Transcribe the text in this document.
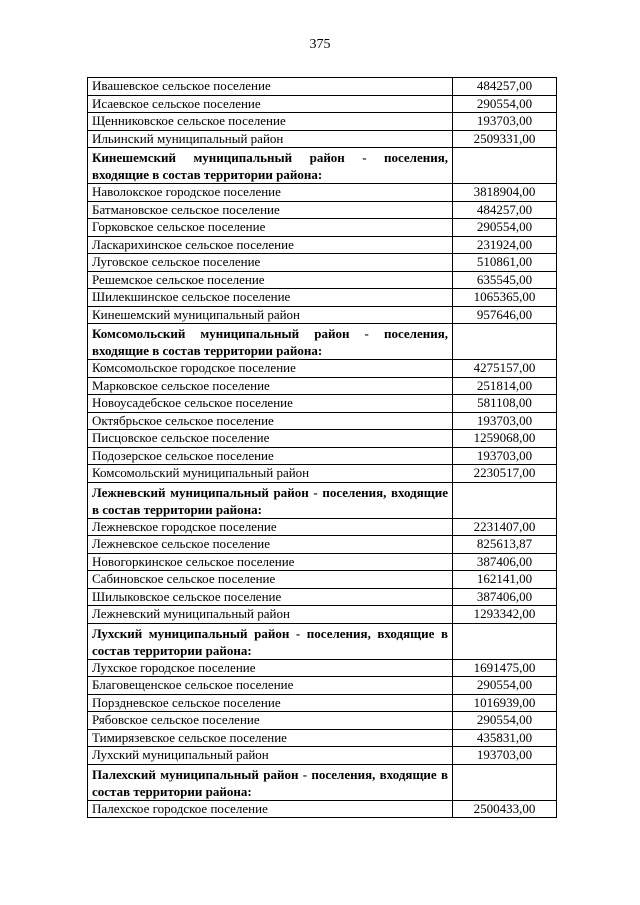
375
Ивашевское сельское поселение	484257,00
Исаевское сельское поселение	290554,00
Щенниковское сельское поселение	193703,00
Ильинский муниципальный район	2509331,00
Кинешемский муниципальный район - поселения, входящие в состав территории района:	
Наволокское городское поселение	3818904,00
Батмановское сельское поселение	484257,00
Горковское сельское поселение	290554,00
Ласкарихинское сельское поселение	231924,00
Луговское сельское поселение	510861,00
Решемское сельское поселение	635545,00
Шилекшинское сельское поселение	1065365,00
Кинешемский муниципальный район	957646,00
Комсомольский муниципальный район - поселения, входящие в состав территории района:	
Комсомольское городское поселение	4275157,00
Марковское сельское поселение	251814,00
Новоусадебское сельское поселение	581108,00
Октябрьское сельское поселение	193703,00
Писцовское сельское поселение	1259068,00
Подозерское сельское поселение	193703,00
Комсомольский муниципальный район	2230517,00
Лежневский муниципальный район - поселения, входящие в состав территории района:	
Лежневское городское поселение	2231407,00
Лежневское сельское поселение	825613,87
Новогоркинское сельское поселение	387406,00
Сабиновское сельское поселение	162141,00
Шилыковское сельское поселение	387406,00
Лежневский муниципальный район	1293342,00
Лухский муниципальный район - поселения, входящие в состав территории района:	
Лухское городское поселение	1691475,00
Благовещенское сельское поселение	290554,00
Порздневское сельское поселение	1016939,00
Рябовское сельское поселение	290554,00
Тимирязевское сельское поселение	435831,00
Лухский муниципальный район	193703,00
Палехский муниципальный район - поселения, входящие в состав территории района:	
Палехское городское поселение	2500433,00
